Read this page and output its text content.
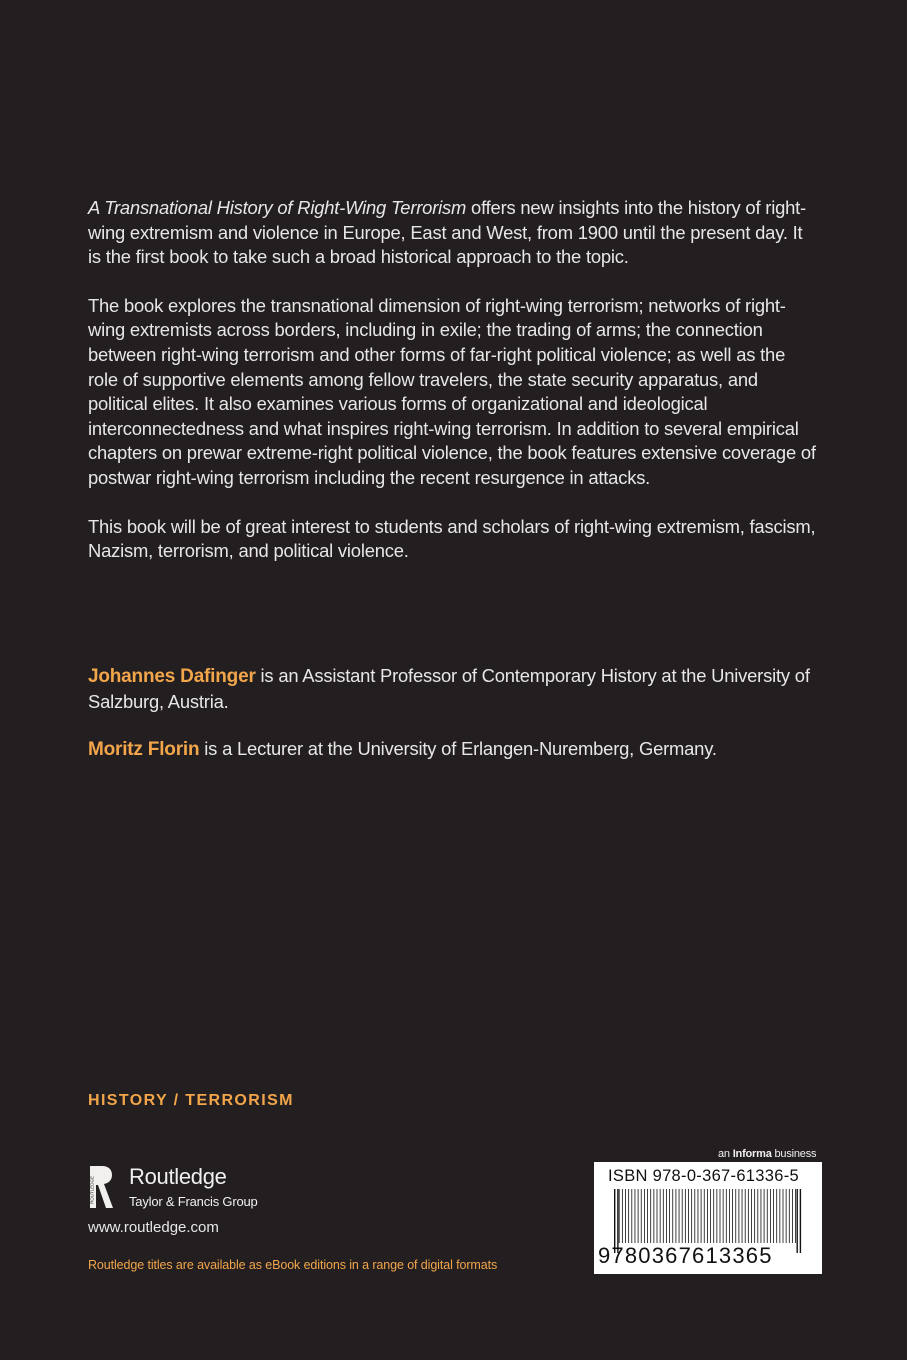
A Transnational History of Right-Wing Terrorism offers new insights into the history of right-wing extremism and violence in Europe, East and West, from 1900 until the present day. It is the first book to take such a broad historical approach to the topic.

The book explores the transnational dimension of right-wing terrorism; networks of right-wing extremists across borders, including in exile; the trading of arms; the connection between right-wing terrorism and other forms of far-right political violence; as well as the role of supportive elements among fellow travelers, the state security apparatus, and political elites. It also examines various forms of organizational and ideological interconnectedness and what inspires right-wing terrorism. In addition to several empirical chapters on prewar extreme-right political violence, the book features extensive coverage of postwar right-wing terrorism including the recent resurgence in attacks.

This book will be of great interest to students and scholars of right-wing extremism, fascism, Nazism, terrorism, and political violence.

Johannes Dafinger is an Assistant Professor of Contemporary History at the University of Salzburg, Austria.

Moritz Florin is a Lecturer at the University of Erlangen-Nuremberg, Germany.

HISTORY / TERRORISM
ROUTLEDGE Routledge
Taylor & Francis Group
www.routledge.com
Routledge titles are available as eBook editions in a range of digital formats
an Informa business
ISBN 978-0-367-61336-5
9780367613365
